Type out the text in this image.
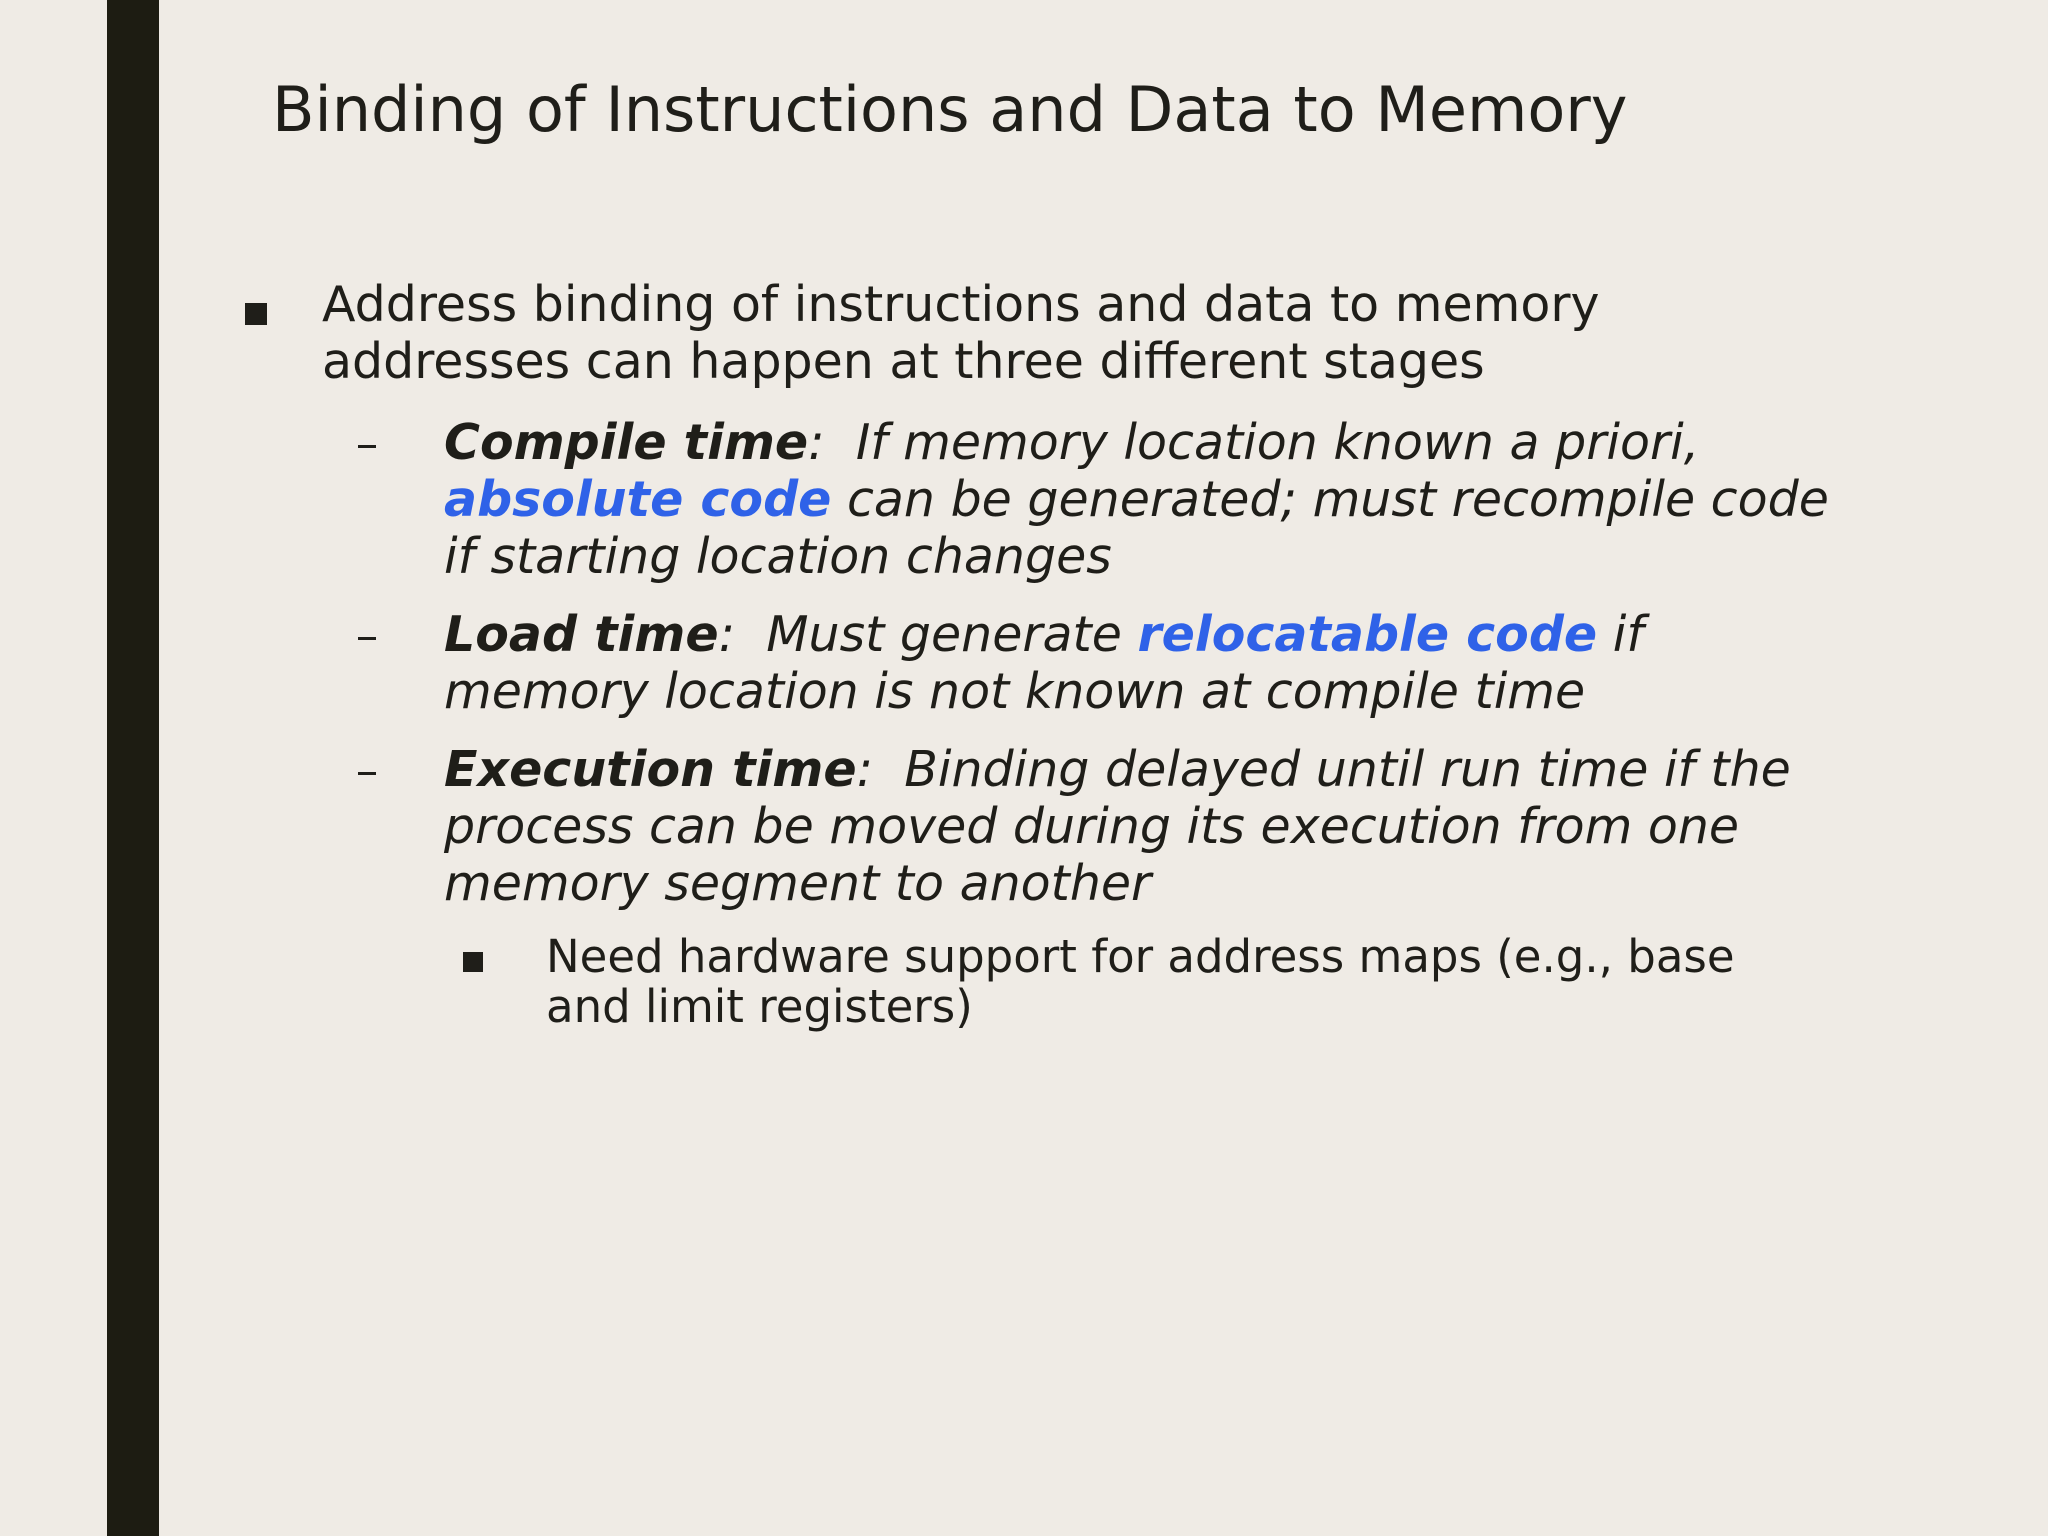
Binding of Instructions and Data to Memory
Address binding of instructions and data to memory addresses can happen at three different stages
Compile time: If memory location known a priori, absolute code can be generated; must recompile code if starting location changes
Load time: Must generate relocatable code if memory location is not known at compile time
Execution time: Binding delayed until run time if the process can be moved during its execution from one memory segment to another
Need hardware support for address maps (e.g., base and limit registers)
